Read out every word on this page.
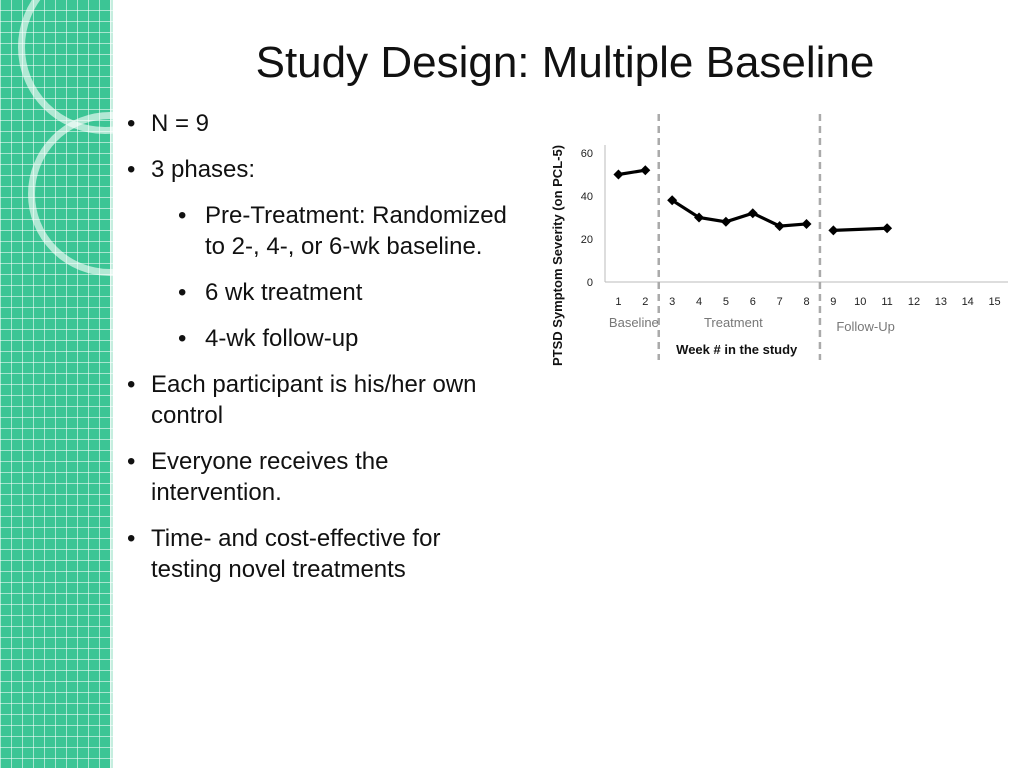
Study Design: Multiple Baseline
• N = 9
• 3 phases:
• Pre-Treatment: Randomized to 2-, 4-, or 6-wk baseline.
• 6 wk treatment
• 4-wk follow-up
• Each participant is his/her own control
• Everyone receives the intervention.
• Time- and cost-effective for testing novel treatments
0
20
40
60
1 2 3 4 5 6 7 8 9 10 11 12 13 14 15
Baseline	Treatment	Follow-Up
Week # in the study
PTSD Symptom Severity (on PCL-5)
